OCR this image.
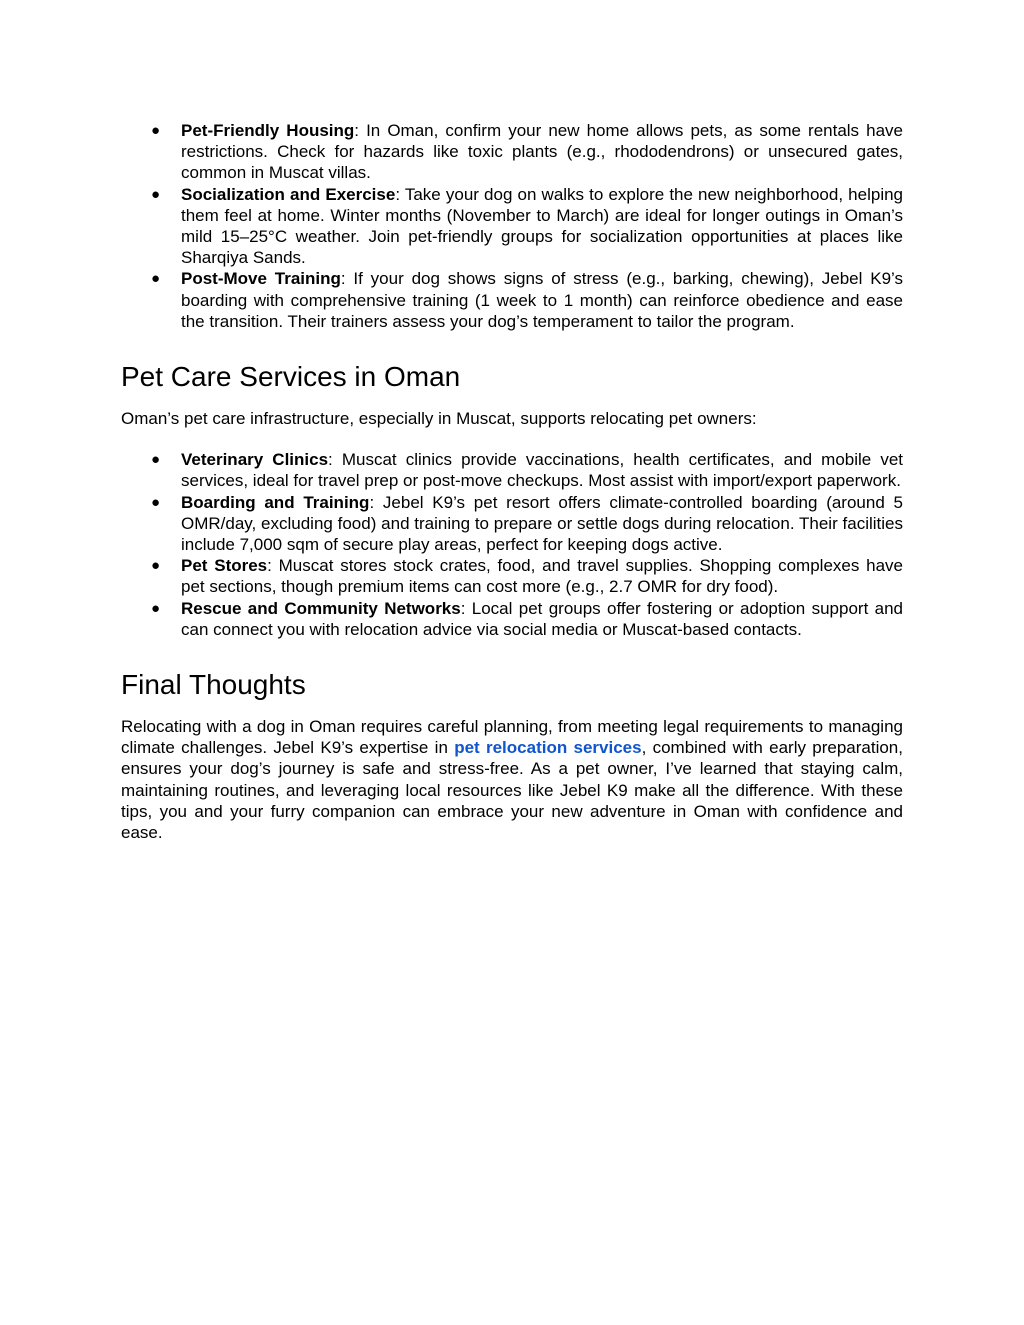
● Pet-Friendly Housing: In Oman, confirm your new home allows pets, as some rentals have restrictions. Check for hazards like toxic plants (e.g., rhododendrons) or unsecured gates, common in Muscat villas.
● Socialization and Exercise: Take your dog on walks to explore the new neighborhood, helping them feel at home. Winter months (November to March) are ideal for longer outings in Oman’s mild 15–25°C weather. Join pet-friendly groups for socialization opportunities at places like Sharqiya Sands.
● Post-Move Training: If your dog shows signs of stress (e.g., barking, chewing), Jebel K9’s boarding with comprehensive training (1 week to 1 month) can reinforce obedience and ease the transition. Their trainers assess your dog’s temperament to tailor the program.
Pet Care Services in Oman

Oman’s pet care infrastructure, especially in Muscat, supports relocating pet owners:

● Veterinary Clinics: Muscat clinics provide vaccinations, health certificates, and mobile vet services, ideal for travel prep or post-move checkups. Most assist with import/export paperwork.
● Boarding and Training: Jebel K9’s pet resort offers climate-controlled boarding (around 5 OMR/day, excluding food) and training to prepare or settle dogs during relocation. Their facilities include 7,000 sqm of secure play areas, perfect for keeping dogs active.
● Pet Stores: Muscat stores stock crates, food, and travel supplies. Shopping complexes have pet sections, though premium items can cost more (e.g., 2.7 OMR for dry food).
● Rescue and Community Networks: Local pet groups offer fostering or adoption support and can connect you with relocation advice via social media or Muscat-based contacts.
Final Thoughts

Relocating with a dog in Oman requires careful planning, from meeting legal requirements to managing climate challenges. Jebel K9’s expertise in pet relocation services, combined with early preparation, ensures your dog’s journey is safe and stress-free. As a pet owner, I’ve learned that staying calm, maintaining routines, and leveraging local resources like Jebel K9 make all the difference. With these tips, you and your furry companion can embrace your new adventure in Oman with confidence and ease.
